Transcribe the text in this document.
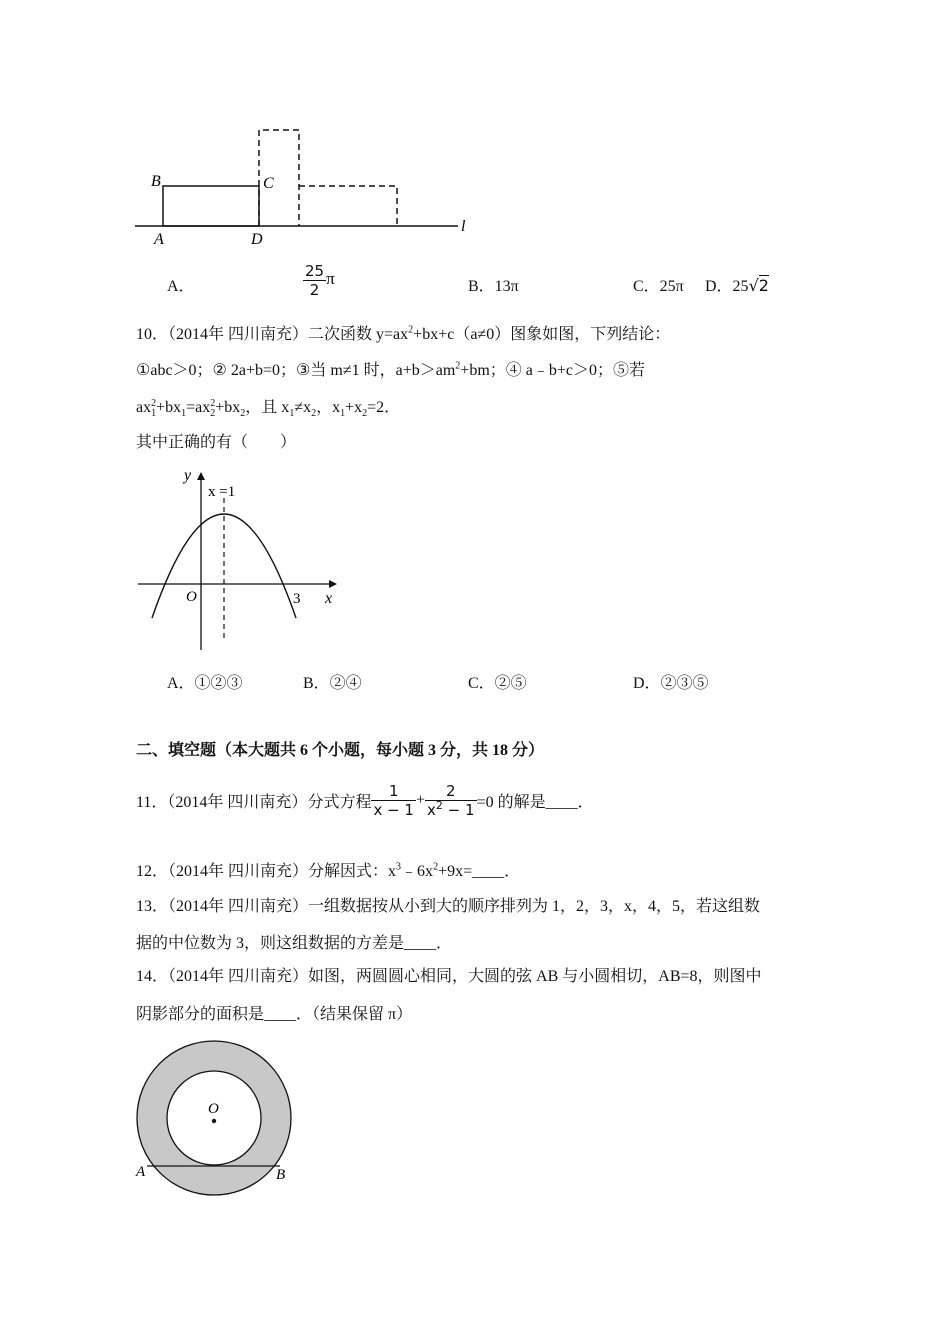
B	C
A	D
l
A．	$\frac{25}{2}$ π	B．13π	C．25π D．25√2
10．（2014年 四川南充）二次函数 $y=ax^2+bx+c(a\ne 0)$图象如图，下列结论：
①abc＞0；② 2a+b=0；③当 m≠1 时，$a+b>am^2+bm$；④ a﹣b+c＞0；⑤若
$ax_1^2+bx_1=ax_2^2+bx_2$，且 $x_1\ne x_2$，$x_1+x_2=2$．
其中正确的有（　　）
y
x =1
O	3 x
A．①②③	B．②④	C．②⑤	D．②③⑤
二、填空题（本大题共 6 个小题，每小题 3 分，共 18 分）
11．（2014年 四川南充）分式方程 $\frac{1}{x - 1} + \frac{2}{x^2 - 1} =0$ 的解是____．
12．（2014年 四川南充）分解因式：$x^3﹣6x^2+9x=\_\_\_\_$．
13．（2014年 四川南充）一组数据按从小到大的顺序排列为 1，2，3，x，4，5，若这组数
据的中位数为 3，则这组数据的方差是____．
14．（2014年 四川南充）如图，两圆圆心相同，大圆的弦 AB 与小圆相切，AB=8，则图中
阴影部分的面积是____．（结果保留 π）
O
A	B
